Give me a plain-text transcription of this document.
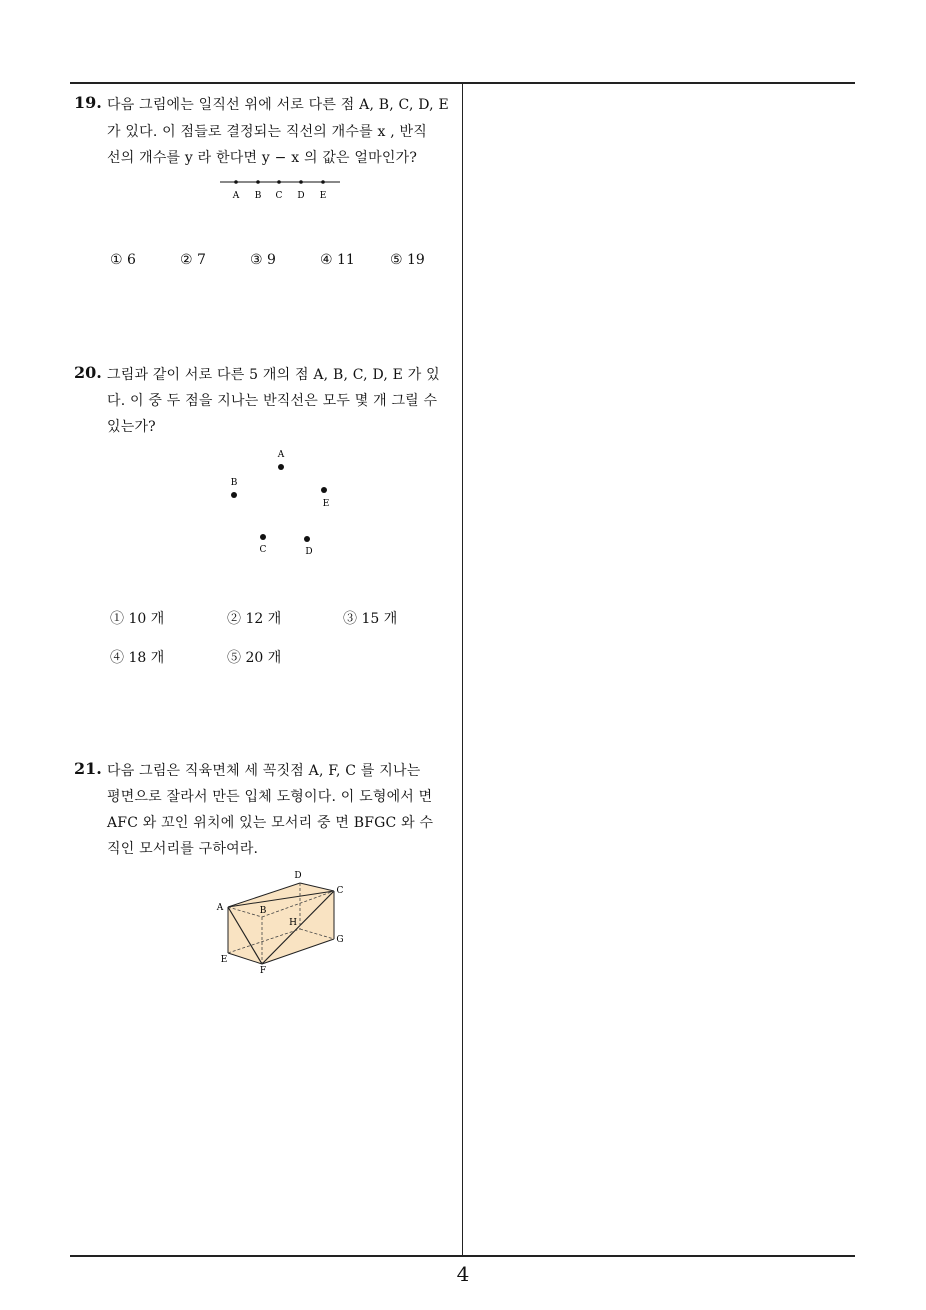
19. 다음 그림에는 일직선 위에 서로 다른 점 A, B, C, D, E
가 있다. 이 점들로 결정되는 직선의 개수를 x , 반직
선의 개수를 y 라 한다면 y − x 의 값은 얼마인가?
A B C D E
① 6	② 7	③ 9	④ 11	⑤ 19
20. 그림과 같이 서로 다른 5 개의 점 A, B, C, D, E 가 있
다. 이 중 두 점을 지나는 반직선은 모두 몇 개 그릴 수
있는가?
A
B
E
C	D
① 10 개	② 12 개	③ 15 개
④ 18 개	⑤ 20 개
21. 다음 그림은 직육면체 세 꼭짓점 A, F, C 를 지나는
평면으로 잘라서 만든 입체 도형이다. 이 도형에서 면
AFC 와 꼬인 위치에 있는 모서리 중 면 BFGC 와 수
직인 모서리를 구하여라.
D
C
A	B
H
G
E
F
4
